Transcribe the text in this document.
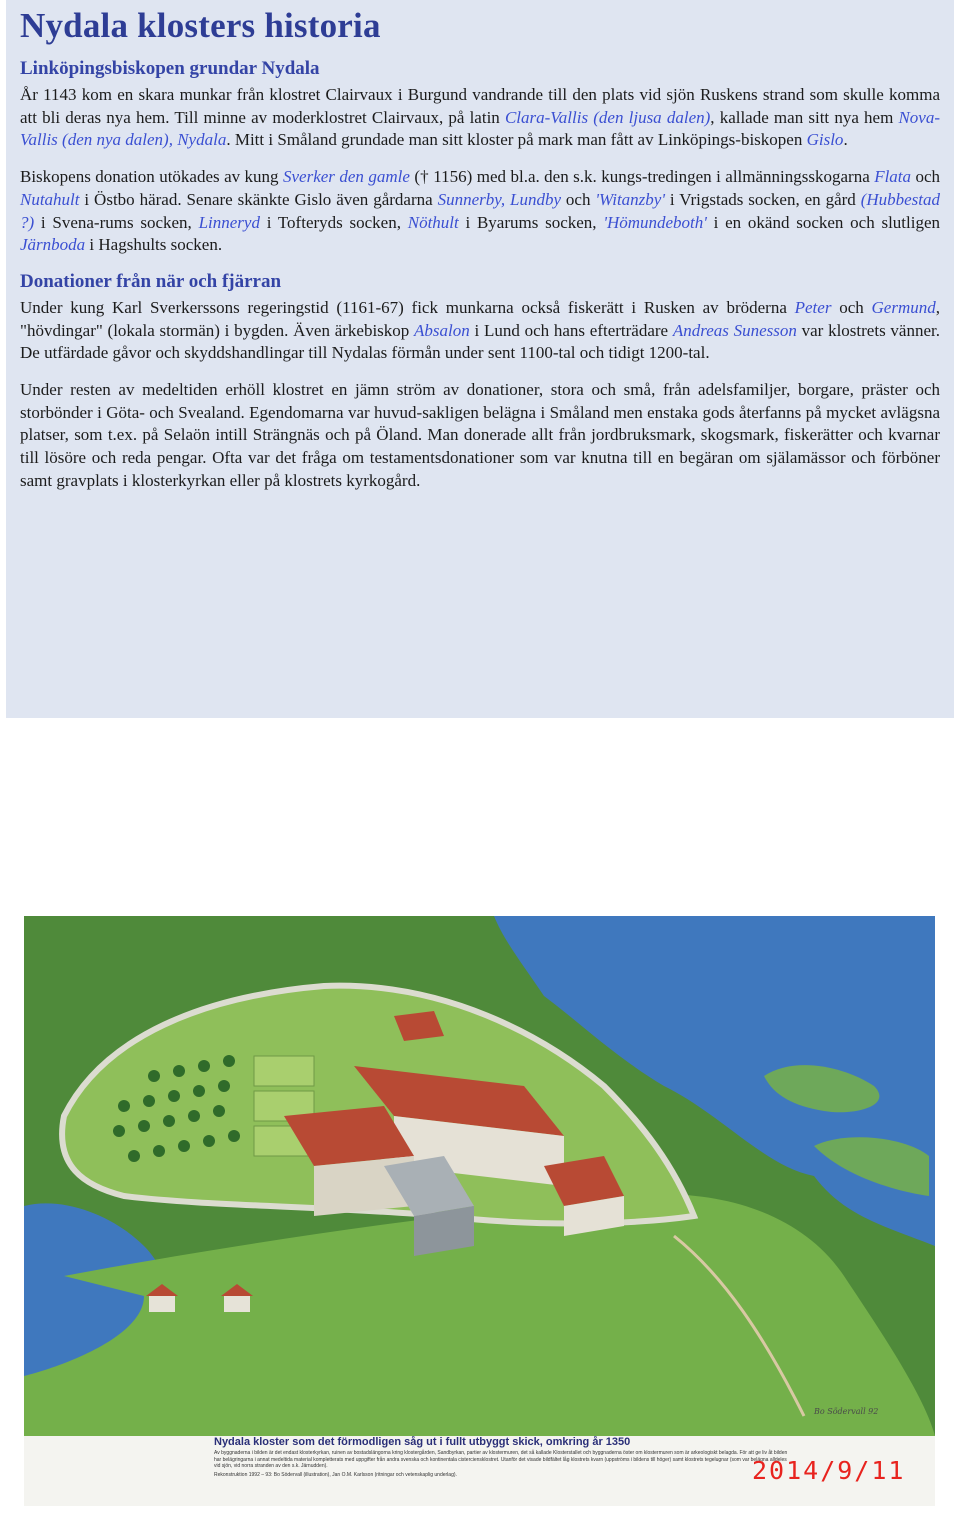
Nydala klosters historia
Linköpingsbiskopen grundar Nydala
År 1143 kom en skara munkar från klostret Clairvaux i Burgund vandrande till den plats vid sjön Ruskens strand som skulle komma att bli deras nya hem. Till minne av moderklostret Clairvaux, på latin Clara-Vallis (den ljusa dalen), kallade man sitt nya hem Nova-Vallis (den nya dalen), Nydala. Mitt i Småland grundade man sitt kloster på mark man fått av Linköpings-biskopen Gislo.
Biskopens donation utökades av kung Sverker den gamle († 1156) med bl.a. den s.k. kungs-tredingen i allmänningsskogarna Flata och Nutahult i Östbo härad. Senare skänkte Gislo även gårdarna Sunnerby, Lundby och 'Witanzby' i Vrigstads socken, en gård (Hubbestad ?) i Svena-rums socken, Linneryd i Tofteryds socken, Nöthult i Byarums socken, 'Hömundeboth' i en okänd socken och slutligen Järnboda i Hagshults socken.
Donationer från när och fjärran
Under kung Karl Sverkerssons regeringstid (1161-67) fick munkarna också fiskerätt i Rusken av bröderna Peter och Germund, "hövdingar" (lokala stormän) i bygden. Även ärkebiskop Absalon i Lund och hans efterträdare Andreas Sunesson var klostrets vänner. De utfärdade gåvor och skyddshandlingar till Nydalas förmån under sent 1100-tal och tidigt 1200-tal.
Under resten av medeltiden erhöll klostret en jämn ström av donationer, stora och små, från adelsfamiljer, borgare, präster och storbönder i Göta- och Svealand. Egendomarna var huvud-sakligen belägna i Småland men enstaka gods återfanns på mycket avlägsna platser, som t.ex. på Selaön intill Strängnäs och på Öland. Man donerade allt från jordbruksmark, skogsmark, fiskerätter och kvarnar till lösöre och reda pengar. Ofta var det fråga om testamentsdonationer som var knutna till en begäran om själamässor och förböner samt gravplats i klosterkyrkan eller på klostrets kyrkogård.
Bo Södervall 92
Nydala kloster som det förmodligen såg ut i fullt utbyggt skick, omkring år 1350
Av byggnaderna i bilden är det endast klosterkyrkan, ruinen av bostadslängorna kring klostergården, Sandbyrkan, partier av klostermuren, det så kallade Klosterstallet och byggnaderna öster om klostermuren som är arkeologiskt belagda. För att ge liv åt bilden har belägringarna i annat medeltida material kompletterats med uppgifter från andra svenska och kontinentala cisterciensklostret. Utanför det visade bildfältet låg klostrets kvarn (uppströms i bildens till höger) samt klostrets tegelugnar (som var belägna alldeles vid sjön, vid norra stranden av den s.k. Järnudden).
Rekonstruktion 1992 – 93: Bo Södervall (illustration), Jan O.M. Karlsson (ritningar och vetenskaplig underlag).	2014/9/11
